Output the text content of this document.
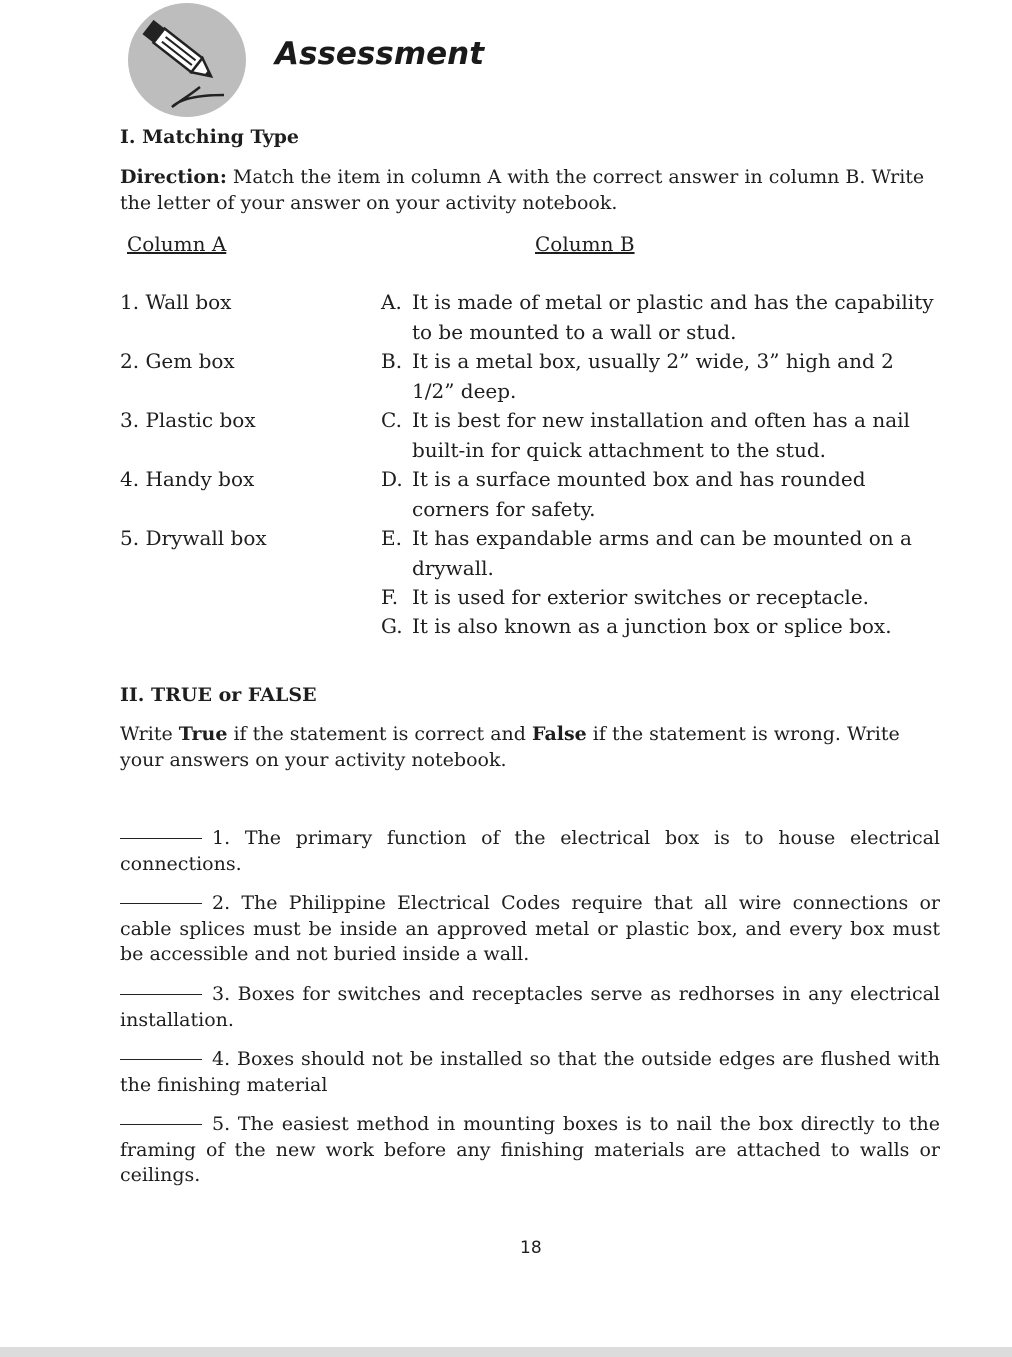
Assessment
I. Matching Type

Direction: Match the item in column A with the correct answer in column B. Write the letter of your answer on your activity notebook.

Column A	Column B
1. Wall box
2. Gem box
3. Plastic box
4. Handy box
5. Drywall box
A. It is made of metal or plastic and has the capability to be mounted to a wall or stud.
B. It is a metal box, usually 2” wide, 3” high and 2 1/2” deep.
C. It is best for new installation and often has a nail built-in for quick attachment to the stud.
D. It is a surface mounted box and has rounded corners for safety.
E. It has expandable arms and can be mounted on a drywall.
F. It is used for exterior switches or receptacle.
G. It is also known as a junction box or splice box.
II. TRUE or FALSE

Write True if the statement is correct and False if the statement is wrong. Write your answers on your activity notebook.

1. The primary function of the electrical box is to house electrical connections.

2. The Philippine Electrical Codes require that all wire connections or cable splices must be inside an approved metal or plastic box, and every box must be accessible and not buried inside a wall.

3. Boxes for switches and receptacles serve as redhorses in any electrical installation.

4. Boxes should not be installed so that the outside edges are flushed with the finishing material

5. The easiest method in mounting boxes is to nail the box directly to the framing of the new work before any finishing materials are attached to walls or ceilings.

18
